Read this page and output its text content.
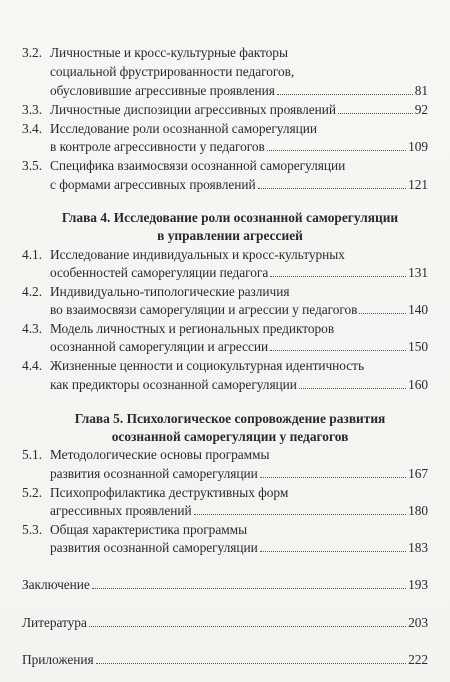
3.2. Личностные и кросс-культурные факторы
социальной фрустрированности педагогов,
обусловившие агрессивные проявления	81
3.3. Личностные диспозиции агрессивных проявлений	92
3.4. Исследование роли осознанной саморегуляции
в контроле агрессивности у педагогов	109
3.5. Специфика взаимосвязи осознанной саморегуляции
с формами агрессивных проявлений	121
Глава 4. Исследование роли осознанной саморегуляции
в управлении агрессией
4.1. Исследование индивидуальных и кросс-культурных
особенностей саморегуляции педагога	131
4.2. Индивидуально-типологические различия
во взаимосвязи саморегуляции и агрессии у педагогов	140
4.3. Модель личностных и региональных предикторов
осознанной саморегуляции и агрессии	150
4.4. Жизненные ценности и социокультурная идентичность
как предикторы осознанной саморегуляции	160
Глава 5. Психологическое сопровождение развития
осознанной саморегуляции у педагогов
5.1. Методологические основы программы
развития осознанной саморегуляции	167
5.2. Психопрофилактика деструктивных форм
агрессивных проявлений	180
5.3. Общая характеристика программы
развития осознанной саморегуляции	183
Заключение	193
Литература	203
Приложения	222
